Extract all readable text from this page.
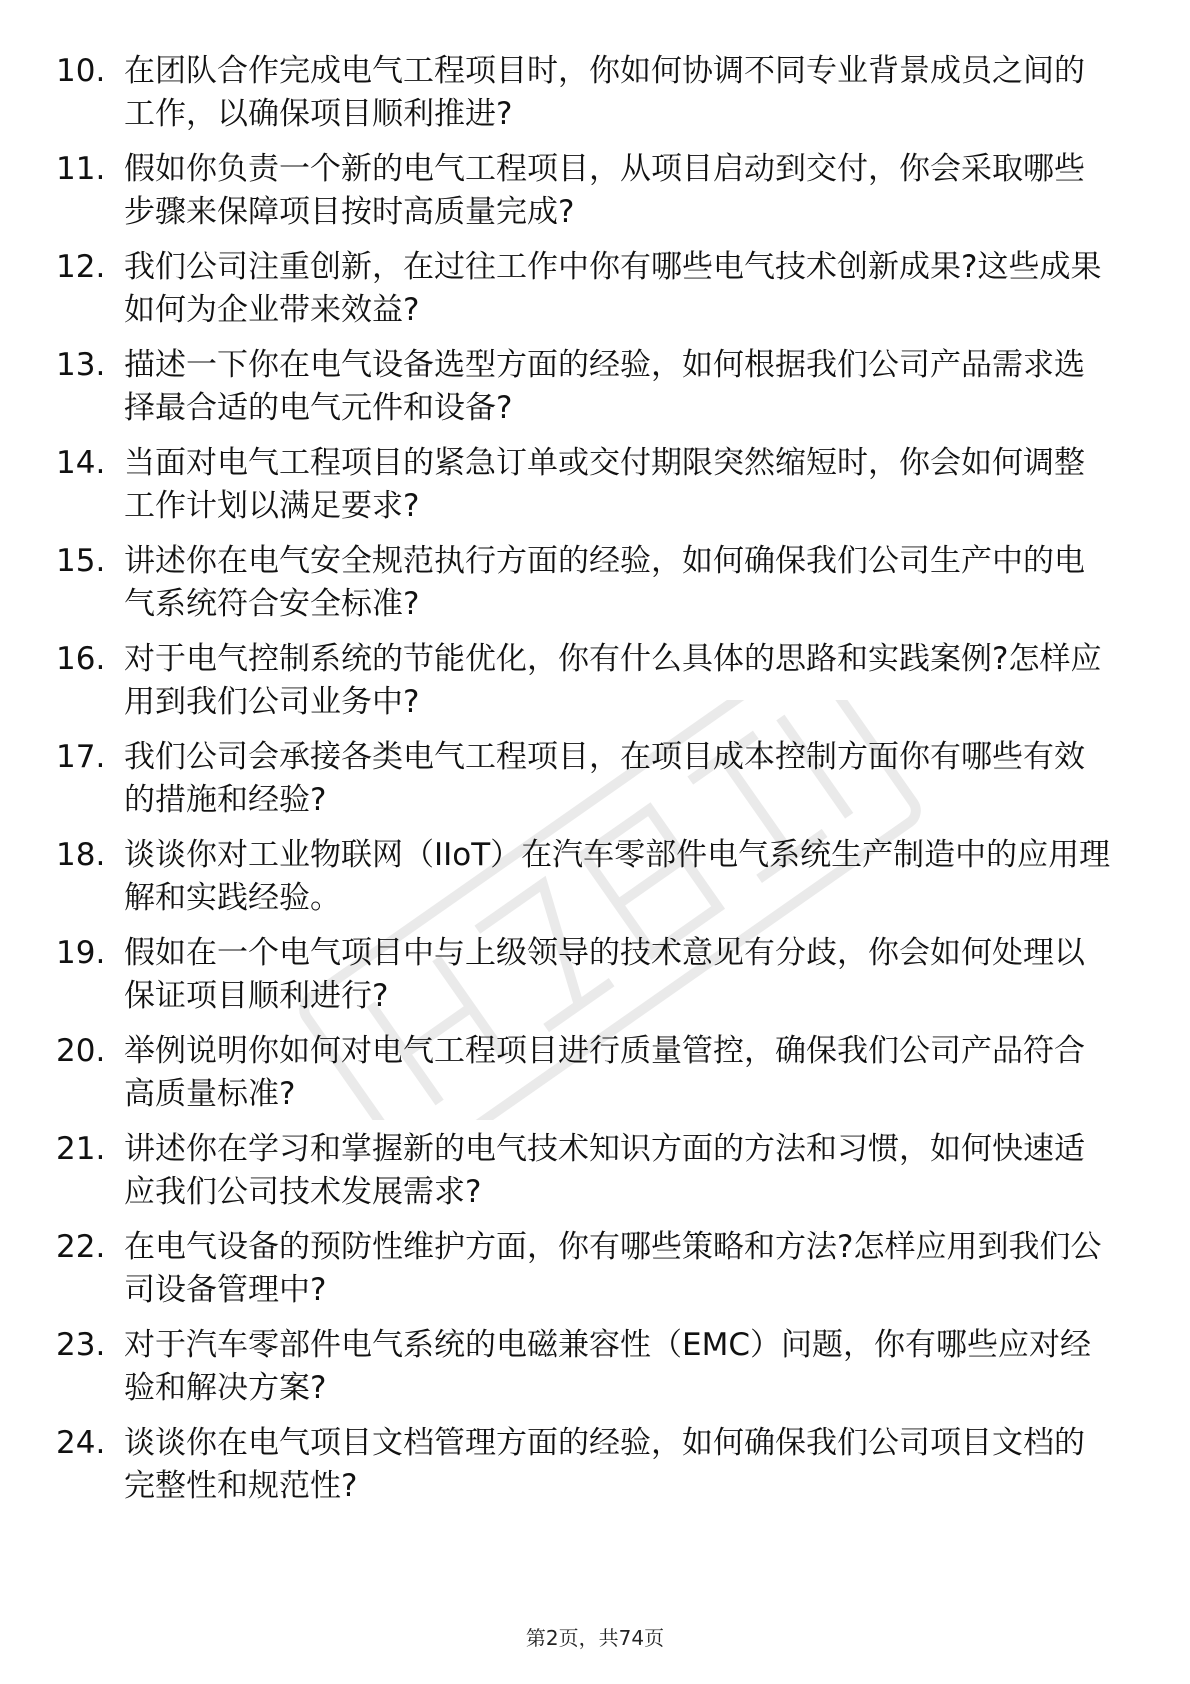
10. 在团队合作完成电气工程项目时，你如何协调不同专业背景成员之间的工作，以确保项目顺利推进?
11. 假如你负责一个新的电气工程项目，从项目启动到交付，你会采取哪些步骤来保障项目按时高质量完成?
12. 我们公司注重创新，在过往工作中你有哪些电气技术创新成果?这些成果如何为企业带来效益?
13. 描述一下你在电气设备选型方面的经验，如何根据我们公司产品需求选择最合适的电气元件和设备?
14. 当面对电气工程项目的紧急订单或交付期限突然缩短时，你会如何调整工作计划以满足要求?
15. 讲述你在电气安全规范执行方面的经验，如何确保我们公司生产中的电气系统符合安全标准?
16. 对于电气控制系统的节能优化，你有什么具体的思路和实践案例?怎样应用到我们公司业务中?
17. 我们公司会承接各类电气工程项目，在项目成本控制方面你有哪些有效的措施和经验?
18. 谈谈你对工业物联网（IIoT）在汽车零部件电气系统生产制造中的应用理解和实践经验。
19. 假如在一个电气项目中与上级领导的技术意见有分歧，你会如何处理以保证项目顺利进行?
20. 举例说明你如何对电气工程项目进行质量管控，确保我们公司产品符合高质量标准?
21. 讲述你在学习和掌握新的电气技术知识方面的方法和习惯，如何快速适应我们公司技术发展需求?
22. 在电气设备的预防性维护方面，你有哪些策略和方法?怎样应用到我们公司设备管理中?
23. 对于汽车零部件电气系统的电磁兼容性（EMC）问题，你有哪些应对经验和解决方案?
24. 谈谈你在电气项目文档管理方面的经验，如何确保我们公司项目文档的完整性和规范性?
第2页，共74页
